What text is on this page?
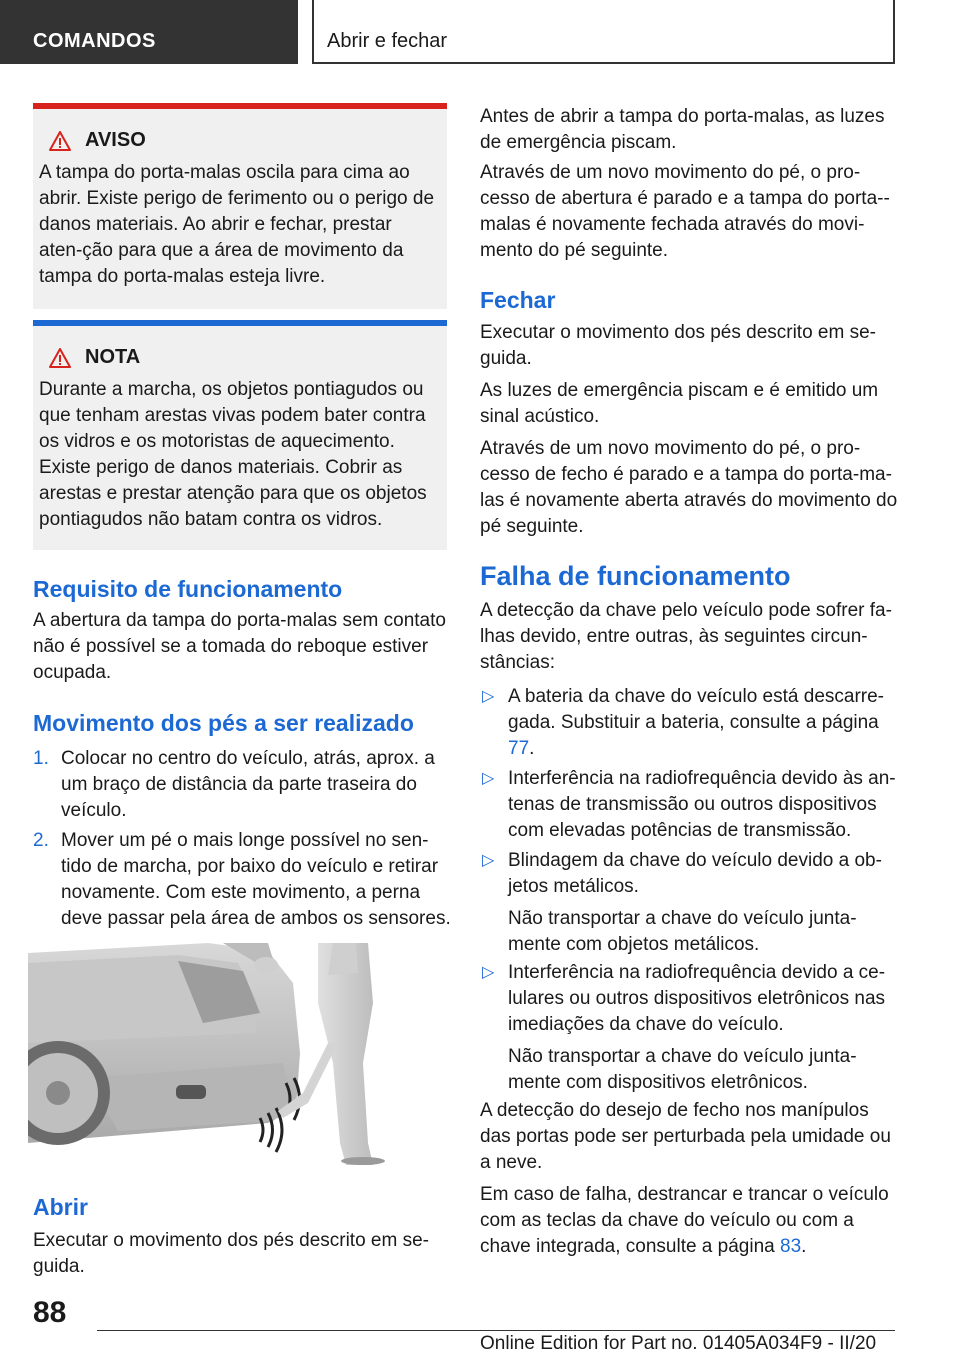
COMANDOS	Abrir e fechar
AVISO

A tampa do porta-malas oscila para cima ao abrir. Existe perigo de ferimento ou o perigo de danos materiais. Ao abrir e fechar, prestar aten-ção para que a área de movimento da tampa do porta-malas esteja livre.

NOTA

Durante a marcha, os objetos pontiagudos ou que tenham arestas vivas podem bater contra os vidros e os motoristas de aquecimento. Existe perigo de danos materiais. Cobrir as arestas e prestar atenção para que os objetos pontiagudos não batam contra os vidros.

Requisito de funcionamento

A abertura da tampa do porta-malas sem contato não é possível se a tomada do reboque estiver ocupada.

Movimento dos pés a ser realizado
1. Colocar no centro do veículo, atrás, aprox. a um braço de distância da parte traseira do veículo.
2. Mover um pé o mais longe possível no sen-tido de marcha, por baixo do veículo e retirar novamente. Com este movimento, a perna deve passar pela área de ambos os sensores.
Abrir

Executar o movimento dos pés descrito em se-guida.

Antes de abrir a tampa do porta-malas, as luzes de emergência piscam.

Através de um novo movimento do pé, o pro-cesso de abertura é parado e a tampa do porta--malas é novamente fechada através do movi-mento do pé seguinte.

Fechar

Executar o movimento dos pés descrito em se-guida.

As luzes de emergência piscam e é emitido um sinal acústico.

Através de um novo movimento do pé, o pro-cesso de fecho é parado e a tampa do porta-ma-las é novamente aberta através do movimento do pé seguinte.

Falha de funcionamento

A detecção da chave pelo veículo pode sofrer fa-lhas devido, entre outras, às seguintes circun-stâncias:

▷ A bateria da chave do veículo está descarre-gada. Substituir a bateria, consulte a página
77.
▷ Interferência na radiofrequência devido às an-tenas de transmissão ou outros dispositivos com elevadas potências de transmissão.
▷ Blindagem da chave do veículo devido a ob-jetos metálicos.
Não transportar a chave do veículo junta-mente com objetos metálicos.
▷ Interferência na radiofrequência devido a ce-lulares ou outros dispositivos eletrônicos nas imediações da chave do veículo.
Não transportar a chave do veículo junta-mente com dispositivos eletrônicos.

A detecção do desejo de fecho nos manípulos das portas pode ser perturbada pela umidade ou a neve.

Em caso de falha, destrancar e trancar o veículo com as teclas da chave do veículo ou com a chave integrada, consulte a página 83.

88
Online Edition for Part no. 01405A034F9 - II/20
